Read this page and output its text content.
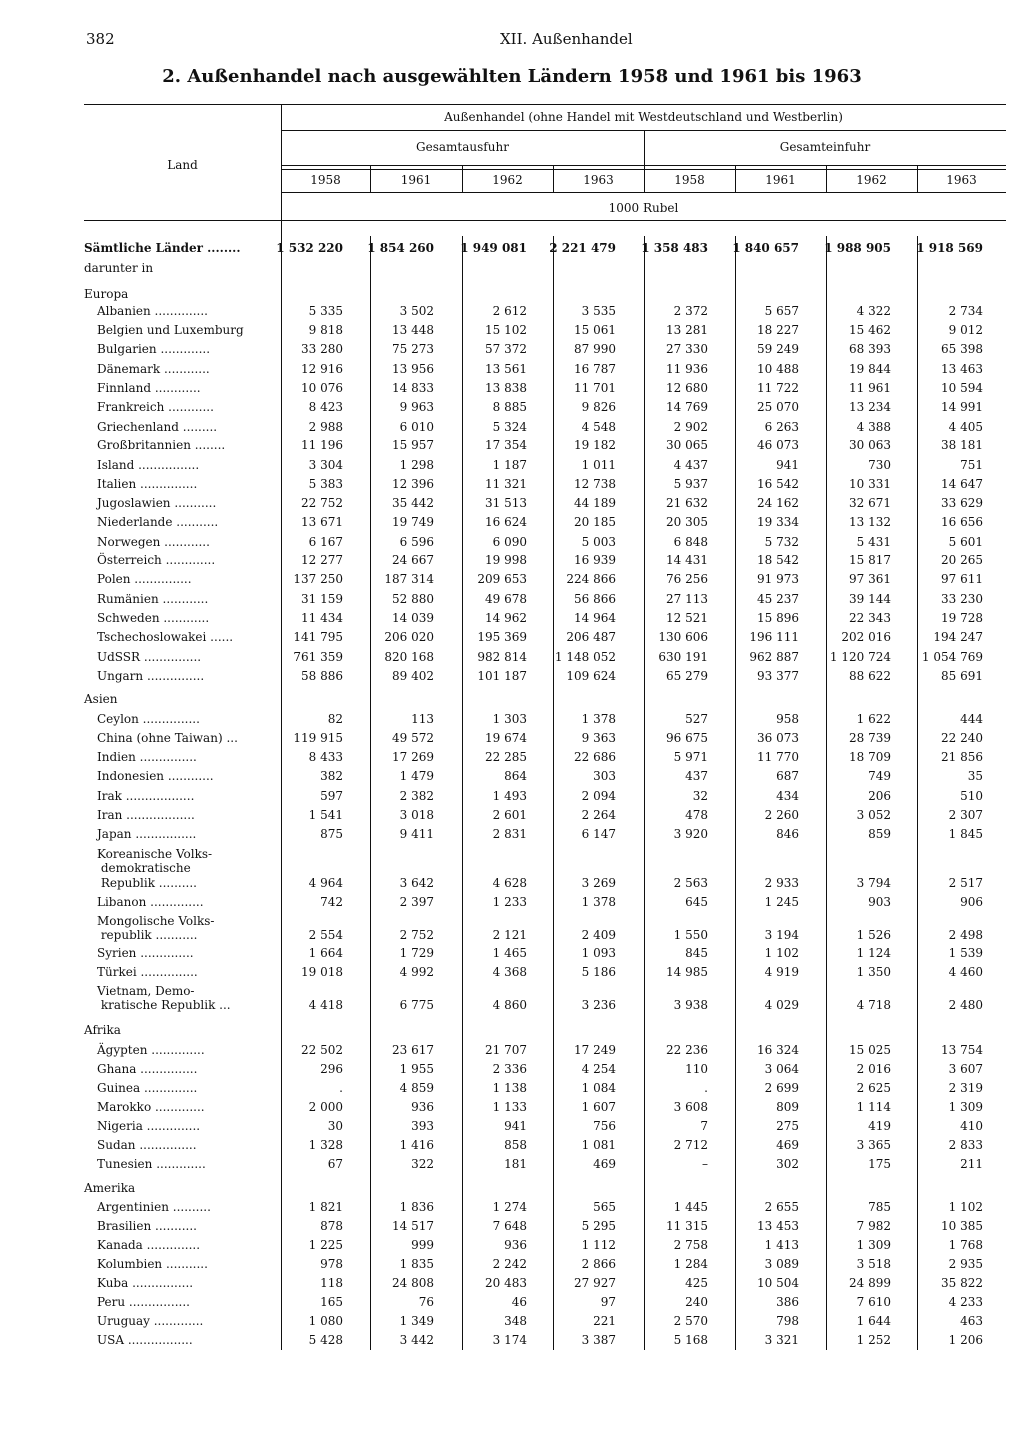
382	XII. Außenhandel
2. Außenhandel nach ausgewählten Ländern 1958 und 1961 bis 1963
Land
Außenhandel (ohne Handel mit Westdeutschland und Westberlin)
Gesamtausfuhr	Gesamteinfuhr
1958	1961	1962	1963	1958	1961	1962	1963
1000 Rubel
Sämtliche Länder ........	1 532 220	1 854 260	1 949 081	2 221 479	1 358 483	1 840 657	1 988 905	1 918 569
darunter in
Europa
Albanien ..............	5 335	3 502	2 612	3 535	2 372	5 657	4 322	2 734
Belgien und Luxemburg	9 818	13 448	15 102	15 061	13 281	18 227	15 462	9 012
Bulgarien .............	33 280	75 273	57 372	87 990	27 330	59 249	68 393	65 398
Dänemark ............	12 916	13 956	13 561	16 787	11 936	10 488	19 844	13 463
Finnland ............	10 076	14 833	13 838	11 701	12 680	11 722	11 961	10 594
Frankreich ............	8 423	9 963	8 885	9 826	14 769	25 070	13 234	14 991
Griechenland .........	2 988	6 010	5 324	4 548	2 902	6 263	4 388	4 405
Großbritannien ........	11 196	15 957	17 354	19 182	30 065	46 073	30 063	38 181
Island ................	3 304	1 298	1 187	1 011	4 437	941	730	751
Italien ...............	5 383	12 396	11 321	12 738	5 937	16 542	10 331	14 647
Jugoslawien ...........	22 752	35 442	31 513	44 189	21 632	24 162	32 671	33 629
Niederlande ...........	13 671	19 749	16 624	20 185	20 305	19 334	13 132	16 656
Norwegen ............	6 167	6 596	6 090	5 003	6 848	5 732	5 431	5 601
Österreich .............	12 277	24 667	19 998	16 939	14 431	18 542	15 817	20 265
Polen ...............	137 250	187 314	209 653	224 866	76 256	91 973	97 361	97 611
Rumänien ............	31 159	52 880	49 678	56 866	27 113	45 237	39 144	33 230
Schweden ............	11 434	14 039	14 962	14 964	12 521	15 896	22 343	19 728
Tschechoslowakei ......	141 795	206 020	195 369	206 487	130 606	196 111	202 016	194 247
UdSSR ...............	761 359	820 168	982 814	1 148 052	630 191	962 887	1 120 724	1 054 769
Ungarn ...............	58 886	89 402	101 187	109 624	65 279	93 377	88 622	85 691
Asien
Ceylon ...............	82	113	1 303	1 378	527	958	1 622	444
China (ohne Taiwan) ...	119 915	49 572	19 674	9 363	96 675	36 073	28 739	22 240
Indien ...............	8 433	17 269	22 285	22 686	5 971	11 770	18 709	21 856
Indonesien ............	382	1 479	864	303	437	687	749	35
Irak ..................	597	2 382	1 493	2 094	32	434	206	510
Iran ..................	1 541	3 018	2 601	2 264	478	2 260	3 052	2 307
Japan ................	875	9 411	2 831	6 147	3 920	846	859	1 845
Koreanische Volks-
demokratische
Republik ..........	4 964	3 642	4 628	3 269	2 563	2 933	3 794	2 517
Libanon ..............	742	2 397	1 233	1 378	645	1 245	903	906
Mongolische Volks-
republik ...........	2 554	2 752	2 121	2 409	1 550	3 194	1 526	2 498
Syrien ..............	1 664	1 729	1 465	1 093	845	1 102	1 124	1 539
Türkei ...............	19 018	4 992	4 368	5 186	14 985	4 919	1 350	4 460
Vietnam, Demo-
kratische Republik ...	4 418	6 775	4 860	3 236	3 938	4 029	4 718	2 480
Afrika
Ägypten ..............	22 502	23 617	21 707	17 249	22 236	16 324	15 025	13 754
Ghana ...............	296	1 955	2 336	4 254	110	3 064	2 016	3 607
Guinea ..............	.	4 859	1 138	1 084	.	2 699	2 625	2 319
Marokko .............	2 000	936	1 133	1 607	3 608	809	1 114	1 309
Nigeria ..............	30	393	941	756	7	275	419	410
Sudan ...............	1 328	1 416	858	1 081	2 712	469	3 365	2 833
Tunesien .............	67	322	181	469	–	302	175	211
Amerika
Argentinien ..........	1 821	1 836	1 274	565	1 445	2 655	785	1 102
Brasilien ...........	878	14 517	7 648	5 295	11 315	13 453	7 982	10 385
Kanada ..............	1 225	999	936	1 112	2 758	1 413	1 309	1 768
Kolumbien ...........	978	1 835	2 242	2 866	1 284	3 089	3 518	2 935
Kuba ................	118	24 808	20 483	27 927	425	10 504	24 899	35 822
Peru ................	165	76	46	97	240	386	7 610	4 233
Uruguay .............	1 080	1 349	348	221	2 570	798	1 644	463
USA .................	5 428	3 442	3 174	3 387	5 168	3 321	1 252	1 206
